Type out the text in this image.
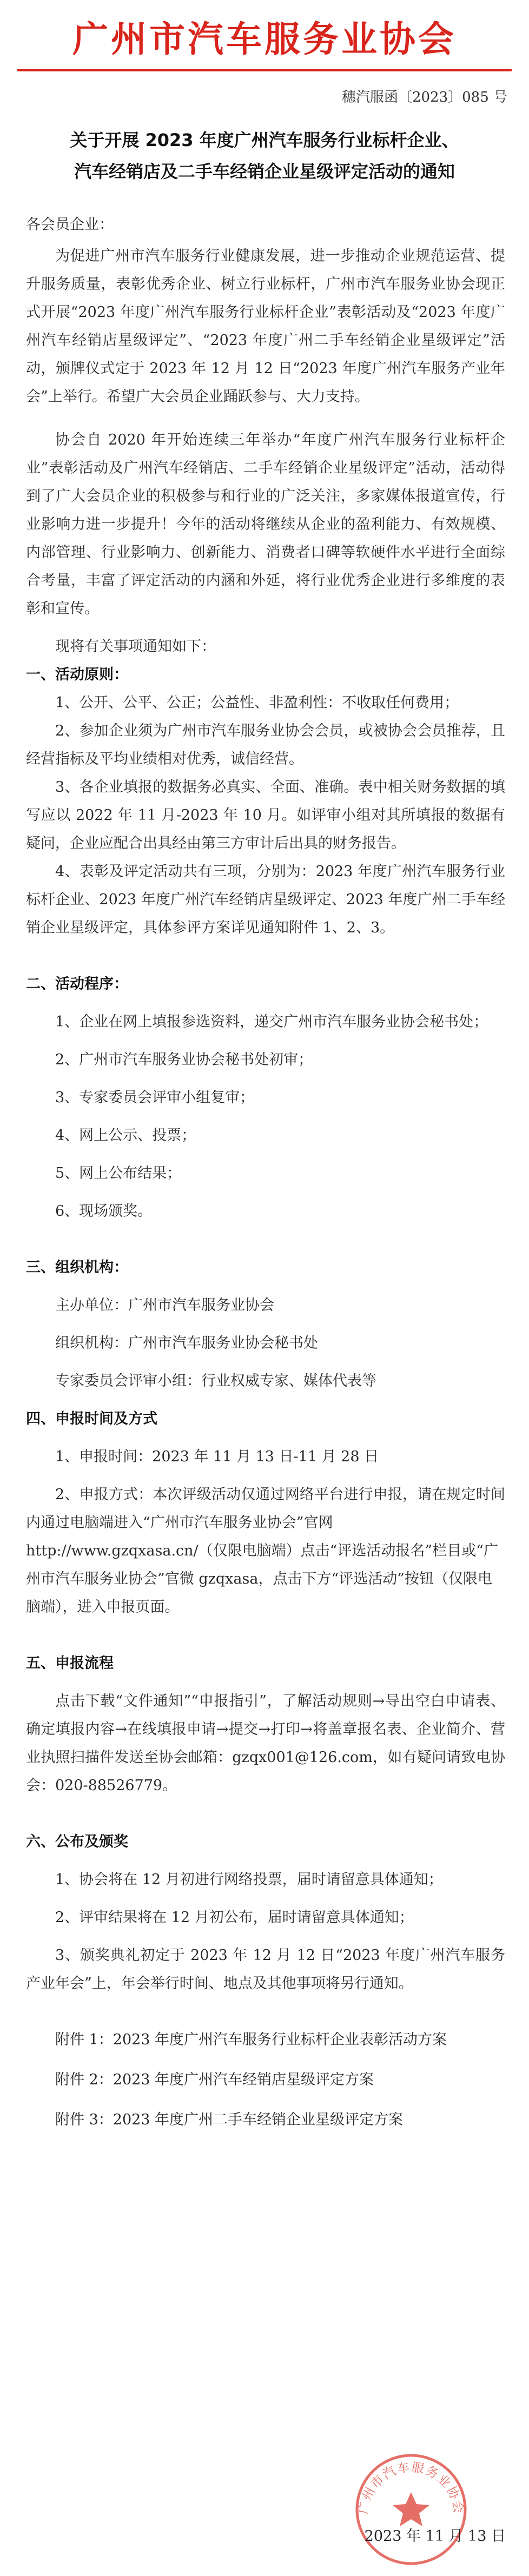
广州市汽车服务业协会
穗汽服函〔2023〕085 号
关于开展 2023 年度广州汽车服务行业标杆企业、
汽车经销店及二手车经销企业星级评定活动的通知

各会员企业：

为促进广州市汽车服务行业健康发展，进一步推动企业规范运营、提升服务质量，表彰优秀企业、树立行业标杆，广州市汽车服务业协会现正式开展“2023 年度广州汽车服务行业标杆企业”表彰活动及“2023 年度广州汽车经销店星级评定”、“2023 年度广州二手车经销企业星级评定”活动，颁牌仪式定于 2023 年 12 月 12 日“2023 年度广州汽车服务产业年会”上举行。希望广大会员企业踊跃参与、大力支持。

协会自 2020 年开始连续三年举办“年度广州汽车服务行业标杆企业”表彰活动及广州汽车经销店、二手车经销企业星级评定”活动，活动得到了广大会员企业的积极参与和行业的广泛关注，多家媒体报道宣传，行业影响力进一步提升！今年的活动将继续从企业的盈利能力、有效规模、内部管理、行业影响力、创新能力、消费者口碑等软硬件水平进行全面综合考量，丰富了评定活动的内涵和外延，将行业优秀企业进行多维度的表彰和宣传。

现将有关事项通知如下：

一、活动原则：

1、公开、公平、公正；公益性、非盈利性：不收取任何费用；

2、参加企业须为广州市汽车服务业协会会员，或被协会会员推荐，且经营指标及平均业绩相对优秀，诚信经营。

3、各企业填报的数据务必真实、全面、准确。表中相关财务数据的填写应以 2022 年 11 月-2023 年 10 月。如评审小组对其所填报的数据有疑问，企业应配合出具经由第三方审计后出具的财务报告。

4、表彰及评定活动共有三项，分别为：2023 年度广州汽车服务行业标杆企业、2023 年度广州汽车经销店星级评定、2023 年度广州二手车经销企业星级评定，具体参评方案详见通知附件 1、2、3。

二、活动程序：

1、企业在网上填报参选资料，递交广州市汽车服务业协会秘书处；

2、广州市汽车服务业协会秘书处初审；

3、专家委员会评审小组复审；

4、网上公示、投票；

5、网上公布结果；

6、现场颁奖。

三、组织机构：

主办单位：广州市汽车服务业协会

组织机构：广州市汽车服务业协会秘书处

专家委员会评审小组：行业权威专家、媒体代表等

四、申报时间及方式

1、申报时间：2023 年 11 月 13 日-11 月 28 日

2、申报方式：本次评级活动仅通过网络平台进行申报，请在规定时间内通过电脑端进入“广州市汽车服务业协会”官网

http://www.gzqxasa.cn/（仅限电脑端）点击“评选活动报名”栏目或“广州市汽车服务业协会”官微 gzqxasa，点击下方“评选活动”按钮（仅限电脑端），进入申报页面。

五、申报流程

点击下载“文件通知”“申报指引”，了解活动规则→导出空白申请表、确定填报内容→在线填报申请→提交→打印→将盖章报名表、企业简介、营业执照扫描件发送至协会邮箱：gzqx001@126.com，如有疑问请致电协会：020-88526779。

六、公布及颁奖

1、协会将在 12 月初进行网络投票，届时请留意具体通知；

2、评审结果将在 12 月初公布，届时请留意具体通知；

3、颁奖典礼初定于 2023 年 12 月 12 日“2023 年度广州汽车服务产业年会”上，年会举行时间、地点及其他事项将另行通知。

附件 1：2023 年度广州汽车服务行业标杆企业表彰活动方案

附件 2：2023 年度广州汽车经销店星级评定方案

附件 3：2023 年度广州二手车经销企业星级评定方案

广州市汽车服务业协会
2023 年 11 月 13 日
